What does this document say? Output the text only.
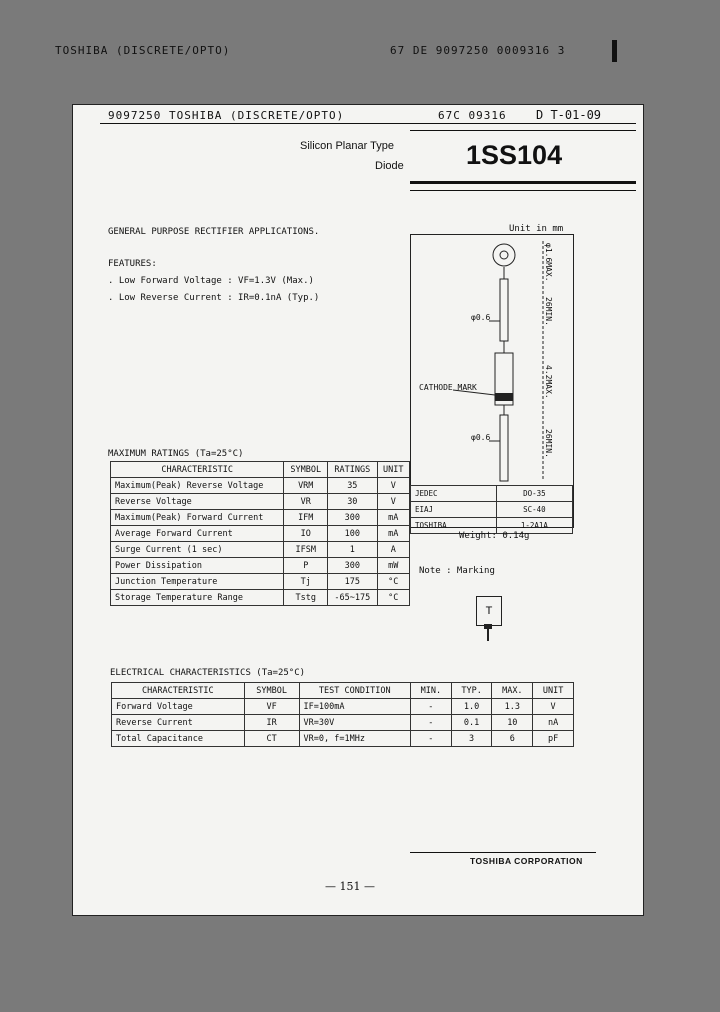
TOSHIBA (DISCRETE/OPTO)	67 DE 9097250 0009316 3
9097250 TOSHIBA (DISCRETE/OPTO)	67C 09316 D T-01-09
Silicon Planar Type
Diode 1SS104
GENERAL PURPOSE RECTIFIER APPLICATIONS.
FEATURES:
. Low Forward Voltage : VF=1.3V (Max.)
. Low Reverse Current : IR=0.1nA (Typ.)
Unit in mm
φ1.6MAX.
26MIN.
4.2MAX.
26MIN.
φ0.6
φ0.6
CATHODE MARK
JEDEC	DO-35
EIAJ	SC-40
TOSHIBA	1-2A1A
Weight: 0.14g
Note : Marking
T
MAXIMUM RATINGS (Ta=25°C)
CHARACTERISTIC	SYMBOL	RATINGS	UNIT
Maximum(Peak) Reverse Voltage	VRM	35	V
Reverse Voltage	VR	30	V
Maximum(Peak) Forward Current	IFM	300	mA
Average Forward Current	IO	100	mA
Surge Current (1 sec)	IFSM	1	A
Power Dissipation	P	300	mW
Junction Temperature	Tj	175	°C
Storage Temperature Range	Tstg	-65~175	°C
ELECTRICAL CHARACTERISTICS (Ta=25°C)
CHARACTERISTIC	SYMBOL	TEST CONDITION	MIN.	TYP.	MAX.	UNIT
Forward Voltage	VF	IF=100mA	-	1.0	1.3	V
Reverse Current	IR	VR=30V	-	0.1	10	nA
Total Capacitance	CT	VR=0, f=1MHz	-	3	6	pF
TOSHIBA CORPORATION
— 151 —
